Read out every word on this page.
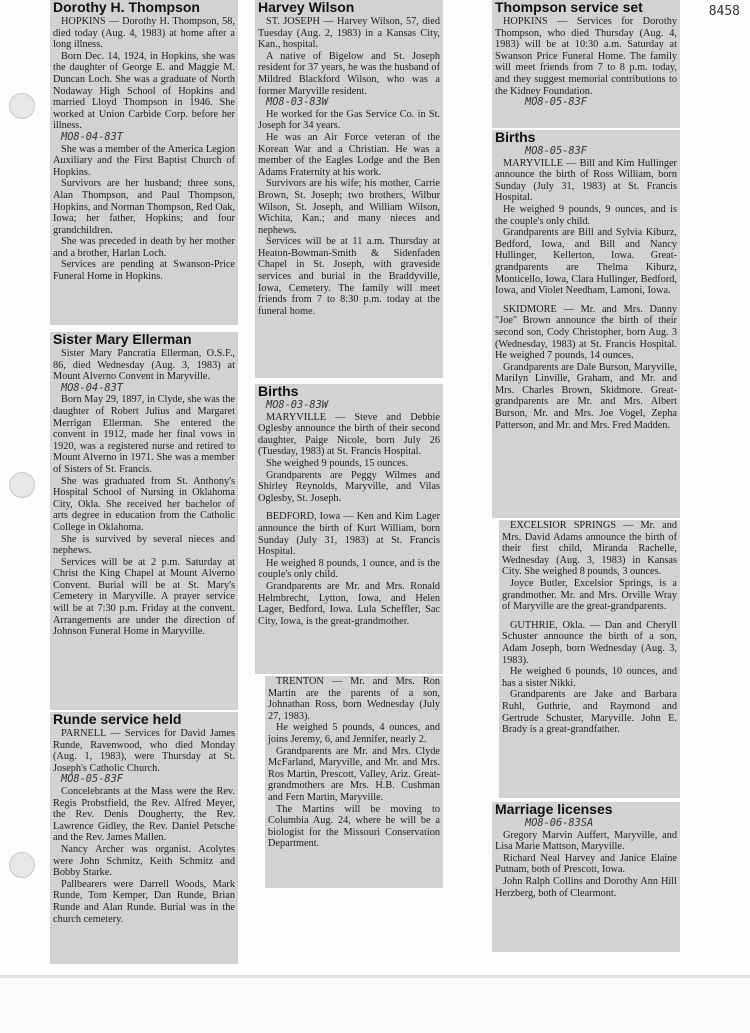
8458
Dorothy H. Thompson

HOPKINS — Dorothy H. Thompson, 58, died today (Aug. 4, 1983) at home after a long illness.

Born Dec. 14, 1924, in Hopkins, she was the daughter of George E. and Maggie M. Duncan Loch. She was a graduate of North Nodaway High School of Hopkins and married Lloyd Thompson in 1946. She worked at Union Carbide Corp. before her illness.

MO8-04-83T

She was a member of the America Legion Auxiliary and the First Baptist Church of Hopkins.

Survivors are her husband; three sons, Alan Thompson, and Paul Thompson, Hopkins, and Norman Thompson, Red Oak, Iowa; her father, Hopkins; and four grandchildren.

She was preceded in death by her mother and a brother, Harlan Loch.

Services are pending at Swanson-Price Funeral Home in Hopkins.

Sister Mary Ellerman

Sister Mary Pancratia Ellerman, O.S.F., 86, died Wednesday (Aug. 3, 1983) at Mount Alverno Convent in Maryville.

MO8-04-83T

Born May 29, 1897, in Clyde, she was the daughter of Robert Julius and Margaret Merrigan Ellerman. She entered the convent in 1912, made her final vows in 1920, was a registered nurse and retired to Mount Alverno in 1971. She was a member of Sisters of St. Francis.

She was graduated from St. Anthony's Hospital School of Nursing in Oklahoma City, Okla. She received her bachelor of arts degree in education from the Catholic College in Oklahoma.

She is survived by several nieces and nephews.

Services will be at 2 p.m. Saturday at Christ the King Chapel at Mount Alverno Convent. Burial will be at St. Mary's Cemetery in Maryville. A prayer service will be at 7:30 p.m. Friday at the convent. Arrangements are under the direction of Johnson Funeral Home in Maryville.

Runde service held

PARNELL — Services for David James Runde, Ravenwood, who died Monday (Aug. 1, 1983), were Thursday at St. Joseph's Catholic Church.

MO8-05-83F

Concelebrants at the Mass were the Rev. Regis Probstfield, the Rev. Alfred Meyer, the Rev. Denis Dougherty, the Rev. Lawrence Gidley, the Rev. Daniel Petsche and the Rev. James Mallen.

Nancy Archer was organist. Acolytes were John Schmitz, Keith Schmitz and Bobby Starke.

Pallbearers were Darrell Woods, Mark Runde, Tom Kemper, Dan Runde, Brian Runde and Alan Runde. Burial was in the church cemetery.

Harvey Wilson

ST. JOSEPH — Harvey Wilson, 57, died Tuesday (Aug. 2, 1983) in a Kansas City, Kan., hospital.

A native of Bigelow and St. Joseph resident for 37 years, he was the husband of Mildred Blackford Wilson, who was a former Maryville resident.

MO8-03-83W

He worked for the Gas Service Co. in St. Joseph for 34 years.

He was an Air Force veteran of the Korean War and a Christian. He was a member of the Eagles Lodge and the Ben Adams Fraternity at his work.

Survivors are his wife; his mother, Carrie Brown, St. Joseph; two brothers, Wilbur Wilson, St. Joseph, and William Wilson, Wichita, Kan.; and many nieces and nephews.

Services will be at 11 a.m. Thursday at Heaton-Bowman-Smith & Sidenfaden Chapel in St. Joseph, with graveside services and burial in the Braddyville, Iowa, Cemetery. The family will meet friends from 7 to 8:30 p.m. today at the funeral home.

Births

MO8-03-83W

MARYVILLE — Steve and Debbie Oglesby announce the birth of their second daughter, Paige Nicole, born July 26 (Tuesday, 1983) at St. Francis Hospital.

She weighed 9 pounds, 15 ounces.

Grandparents are Peggy Wilmes and Shirley Reynolds, Maryville, and Vilas Oglesby, St. Joseph.

BEDFORD, Iowa — Ken and Kim Lager announce the birth of Kurt William, born Sunday (July 31, 1983) at St. Francis Hospital.

He weighed 8 pounds, 1 ounce, and is the couple's only child.

Grandparents are Mr. and Mrs. Ronald Helmbrecht, Lytton, Iowa, and Helen Lager, Bedford, Iowa. Lula Scheffler, Sac City, Iowa, is the great-grandmother.

TRENTON — Mr. and Mrs. Ron Martin are the parents of a son, Johnathan Ross, born Wednesday (July 27, 1983).

He weighed 5 pounds, 4 ounces, and joins Jeremy, 6, and Jennifer, nearly 2.

Grandparents are Mr. and Mrs. Clyde McFarland, Maryville, and Mr. and Mrs. Ros Martin, Prescott, Valley, Ariz. Great-grandmothers are Mrs. H.B. Cushman and Fern Martin, Maryville.

The Martins will be moving to Columbia Aug. 24, where he will be a biologist for the Missouri Conservation Department.

Thompson service set

HOPKINS — Services for Dorothy Thompson, who died Thursday (Aug. 4, 1983) will be at 10:30 a.m. Saturday at Swanson Price Funeral Home. The family will meet friends from 7 to 8 p.m. today, and they suggest memorial contributions to the Kidney Foundation.

MO8-05-83F

Births

MO8-05-83F

MARYVILLE — Bill and Kim Hullinger announce the birth of Ross William, born Sunday (July 31, 1983) at St. Francis Hospital.

He weighed 9 pounds, 9 ounces, and is the couple's only child.

Grandparents are Bill and Sylvia Kiburz, Bedford, Iowa, and Bill and Nancy Hullinger, Kellerton, Iowa. Great-grandparents are Thelma Kiburz, Monticello, Iowa, Clara Hullinger, Bedford, Iowa, and Violet Needham, Lamoni, Iowa.

SKIDMORE — Mr. and Mrs. Danny "Joe" Brown announce the birth of their second son, Cody Christopher, born Aug. 3 (Wednesday, 1983) at St. Francis Hospital. He weighed 7 pounds, 14 ounces.

Grandparents are Dale Burson, Maryville, Marilyn Linville, Graham, and Mr. and Mrs. Charles Brown, Skidmore. Great-grandparents are Mr. and Mrs. Albert Burson, Mr. and Mrs. Joe Vogel, Zepha Patterson, and Mr. and Mrs. Fred Madden.

EXCELSIOR SPRINGS — Mr. and Mrs. David Adams announce the birth of their first child, Miranda Rachelle, Wednesday (Aug. 3, 1983) in Kansas City. She weighed 8 pounds, 3 ounces.

Joyce Butler, Excelsior Springs, is a grandmother. Mr. and Mrs. Orville Wray of Maryville are the great-grandparents.

GUTHRIE, Okla. — Dan and Cheryll Schuster announce the birth of a son, Adam Joseph, born Wednesday (Aug. 3, 1983).

He weighed 6 pounds, 10 ounces, and has a sister Nikki.

Grandparents are Jake and Barbara Ruhl, Guthrie, and Raymond and Gertrude Schuster, Maryville. John E. Brady is a great-grandfather.

Marriage licenses

MO8-06-83SA

Gregory Marvin Auffert, Maryville, and Lisa Marie Mattson, Maryville.

Richard Neal Harvey and Janice Elaine Putnam, both of Prescott, Iowa.

John Ralph Collins and Dorothy Ann Hill Herzberg, both of Clearmont.
